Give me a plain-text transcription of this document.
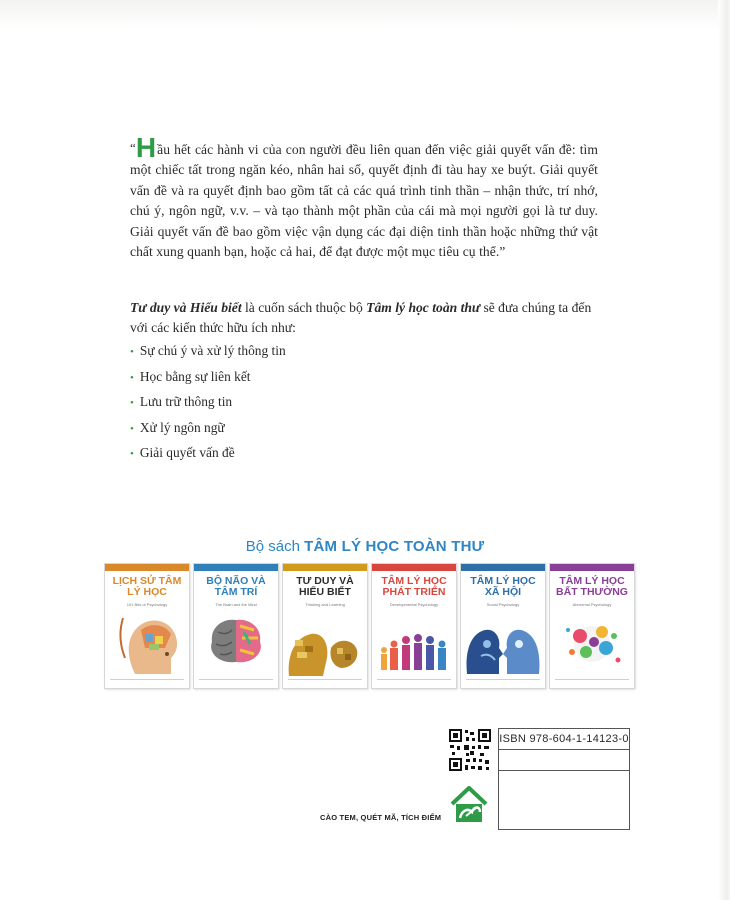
“Hầu hết các hành vi của con người đều liên quan đến việc giải quyết vấn đề: tìm một chiếc tất trong ngăn kéo, nhân hai số, quyết định đi tàu hay xe buýt. Giải quyết vấn đề và ra quyết định bao gồm tất cả các quá trình tinh thần – nhận thức, trí nhớ, chú ý, ngôn ngữ, v.v. – và tạo thành một phần của cái mà mọi người gọi là tư duy. Giải quyết vấn đề bao gồm việc vận dụng các đại diện tinh thần hoặc những thứ vật chất xung quanh bạn, hoặc cả hai, để đạt được một mục tiêu cụ thể.”

Tư duy và Hiểu biết là cuốn sách thuộc bộ Tâm lý học toàn thư sẽ đưa chúng ta đến với các kiến thức hữu ích như:

• Sự chú ý và xử lý thông tin
• Học bằng sự liên kết
• Lưu trữ thông tin
• Xử lý ngôn ngữ
• Giải quyết vấn đề
Bộ sách TÂM LÝ HỌC TOÀN THƯ
LỊCH SỬ TÂM LÝ HỌC
101 Bits of Psychology
BỘ NÃO VÀ TÂM TRÍ
The Brain and the Mind
TƯ DUY VÀ HIỂU BIẾT
Thinking and Learning
TÂM LÝ HỌC PHÁT TRIỂN
Developmental Psychology
TÂM LÝ HỌC XÃ HỘI
Social Psychology
TÂM LÝ HỌC BẤT THƯỜNG
Abnormal Psychology
ISBN 978-604-1-14123-0
CÀO TEM, QUÉT MÃ, TÍCH ĐIỂM
